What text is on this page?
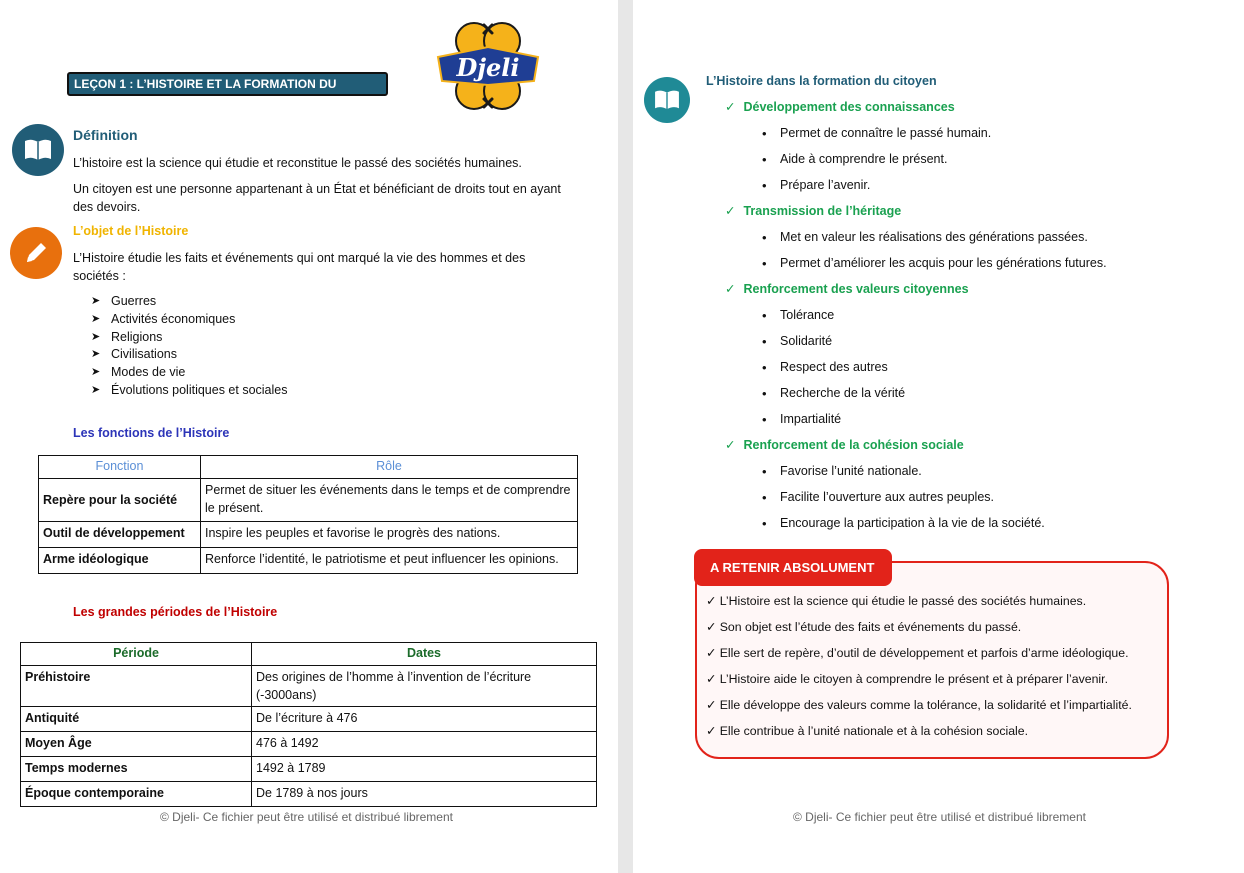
LEÇON 1 : L’HISTOIRE ET LA FORMATION DU CITOYEN
Djeli
Définition
L’histoire est la science qui étudie et reconstitue le passé des sociétés humaines.
Un citoyen est une personne appartenant à un État et bénéficiant de droits tout en ayant
des devoirs.
L’objet de l’Histoire
L’Histoire étudie les faits et événements qui ont marqué la vie des hommes et des
sociétés :
➤ Guerres
➤ Activités économiques
➤ Religions
➤ Civilisations
➤ Modes de vie
➤ Évolutions politiques et sociales
Les fonctions de l’Histoire
Fonction	Rôle
Repère pour la société	Permet de situer les événements dans le temps et de comprendre le présent.
Outil de développement	Inspire les peuples et favorise le progrès des nations.
Arme idéologique	Renforce l’identité, le patriotisme et peut influencer les opinions.
Les grandes périodes de l’Histoire
Période	Dates
Préhistoire	Des origines de l’homme à l’invention de l’écriture (-3000ans)
Antiquité	De l’écriture à 476
Moyen Âge	476 à 1492
Temps modernes	1492 à 1789
Époque contemporaine	De 1789 à nos jours
© Djeli- Ce fichier peut être utilisé et distribué librement
L’Histoire dans la formation du citoyen
✓ Développement des connaissances
• Permet de connaître le passé humain.
• Aide à comprendre le présent.
• Prépare l’avenir.
✓ Transmission de l’héritage
• Met en valeur les réalisations des générations passées.
• Permet d’améliorer les acquis pour les générations futures.
✓ Renforcement des valeurs citoyennes
• Tolérance
• Solidarité
• Respect des autres
• Recherche de la vérité
• Impartialité
✓ Renforcement de la cohésion sociale
• Favorise l’unité nationale.
• Facilite l’ouverture aux autres peuples.
• Encourage la participation à la vie de la société.
A RETENIR ABSOLUMENT
✓ L’Histoire est la science qui étudie le passé des sociétés humaines.
✓ Son objet est l’étude des faits et événements du passé.
✓ Elle sert de repère, d’outil de développement et parfois d’arme idéologique.
✓ L’Histoire aide le citoyen à comprendre le présent et à préparer l’avenir.
✓ Elle développe des valeurs comme la tolérance, la solidarité et l’impartialité.
✓ Elle contribue à l’unité nationale et à la cohésion sociale.
© Djeli- Ce fichier peut être utilisé et distribué librement
